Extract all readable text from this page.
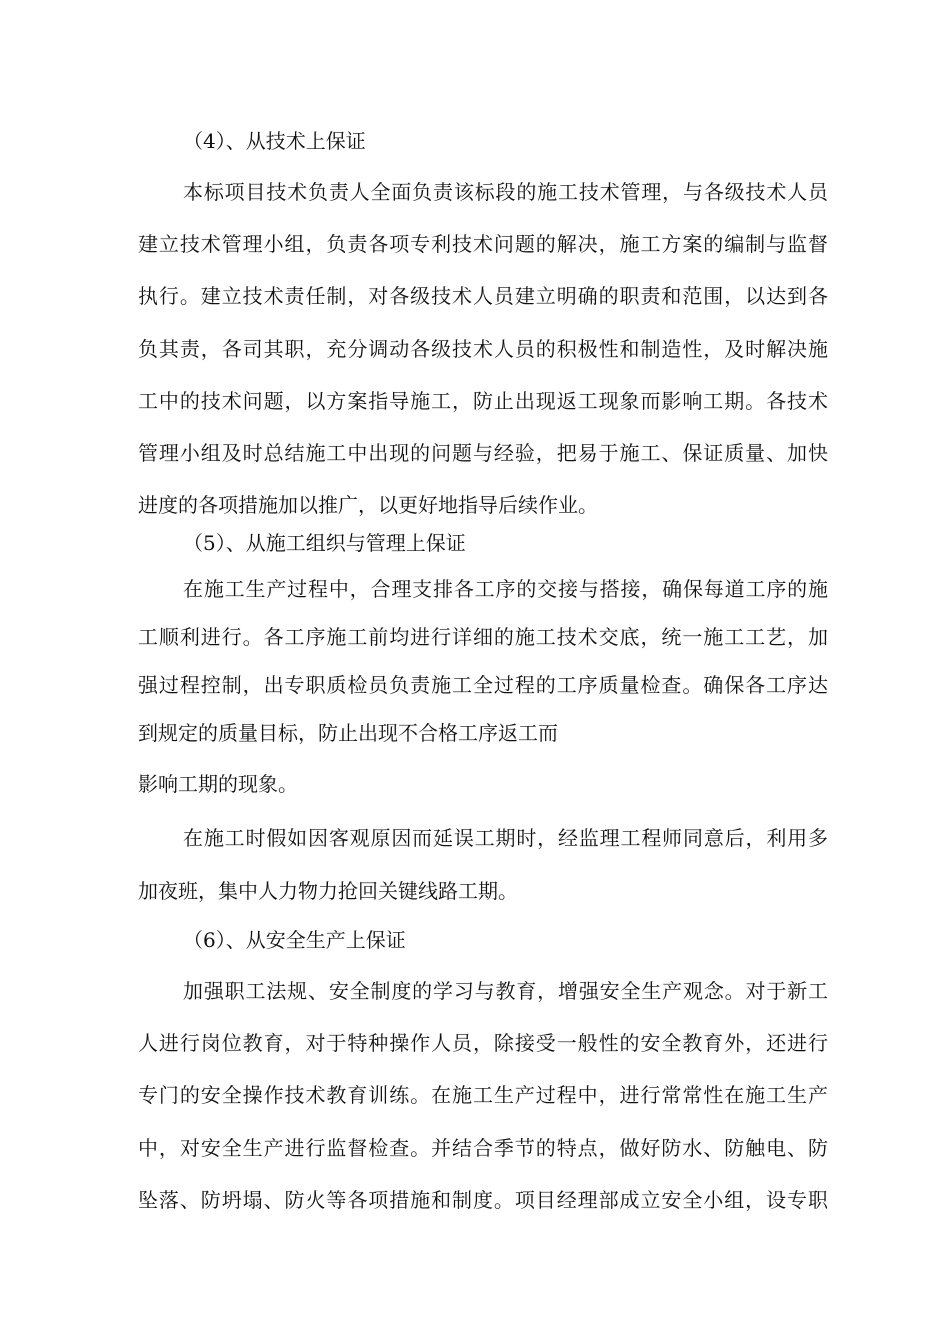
（4）、从技术上保证
本标项目技术负责人全面负责该标段的施工技术管理，与各级技术人员
建立技术管理小组，负责各项专利技术问题的解决，施工方案的编制与监督
执行。建立技术责任制，对各级技术人员建立明确的职责和范围，以达到各
负其责，各司其职，充分调动各级技术人员的积极性和制造性，及时解决施
工中的技术问题，以方案指导施工，防止出现返工现象而影响工期。各技术
管理小组及时总结施工中出现的问题与经验，把易于施工、保证质量、加快
进度的各项措施加以推广，以更好地指导后续作业。
（5）、从施工组织与管理上保证
在施工生产过程中，合理支排各工序的交接与搭接，确保每道工序的施
工顺利进行。各工序施工前均进行详细的施工技术交底，统一施工工艺，加
强过程控制，出专职质检员负责施工全过程的工序质量检查。确保各工序达
到规定的质量目标，防止出现不合格工序返工而
影响工期的现象。
在施工时假如因客观原因而延误工期时，经监理工程师同意后，利用多
加夜班，集中人力物力抢回关键线路工期。
（6）、从安全生产上保证
加强职工法规、安全制度的学习与教育，增强安全生产观念。对于新工
人进行岗位教育，对于特种操作人员，除接受一般性的安全教育外，还进行
专门的安全操作技术教育训练。在施工生产过程中，进行常常性在施工生产
中，对安全生产进行监督检查。并结合季节的特点，做好防水、防触电、防
坠落、防坍塌、防火等各项措施和制度。项目经理部成立安全小组，设专职
